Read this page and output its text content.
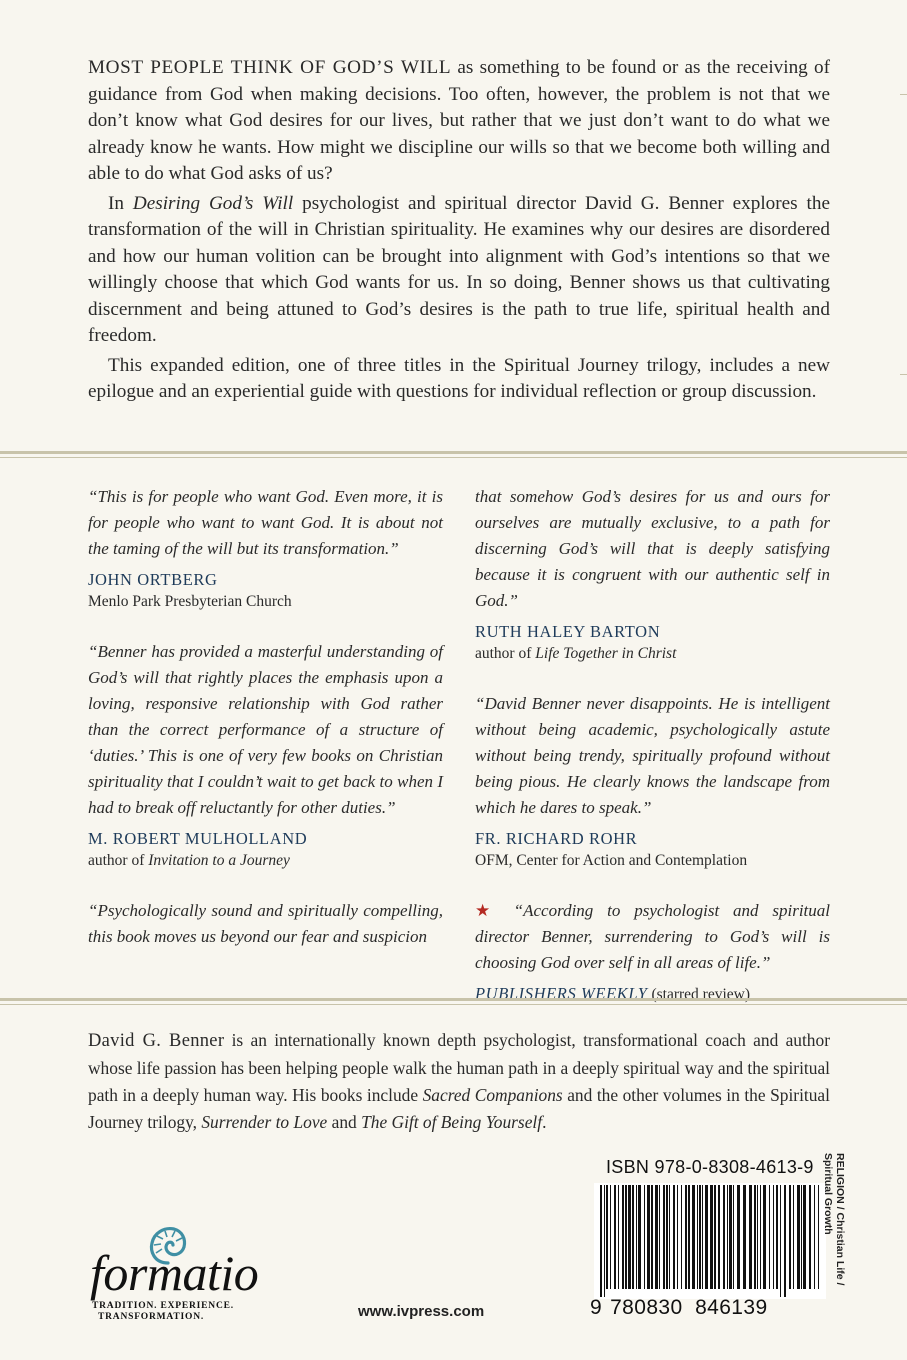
MOST PEOPLE THINK OF GOD’S WILL as something to be found or as the receiving of guidance from God when making decisions. Too often, however, the problem is not that we don’t know what God desires for our lives, but rather that we just don’t want to do what we already know he wants. How might we discipline our wills so that we become both willing and able to do what God asks of us?

In Desiring God’s Will psychologist and spiritual director David G. Benner explores the transformation of the will in Christian spirituality. He examines why our desires are disordered and how our human volition can be brought into alignment with God’s intentions so that we willingly choose that which God wants for us. In so doing, Benner shows us that cultivating discernment and being attuned to God’s desires is the path to true life, spiritual health and freedom.

This expanded edition, one of three titles in the Spiritual Journey trilogy, includes a new epilogue and an experiential guide with questions for individual reflection or group discussion.

“This is for people who want God. Even more, it is for people who want to want God. It is about not the taming of the will but its transformation.”

JOHN ORTBERG
Menlo Park Presbyterian Church

“Benner has provided a masterful understanding of God’s will that rightly places the emphasis upon a loving, responsive relationship with God rather than the correct performance of a structure of ‘duties.’ This is one of very few books on Christian spirituality that I couldn’t wait to get back to when I had to break off reluctantly for other duties.”

M. ROBERT MULHOLLAND
author of Invitation to a Journey

“Psychologically sound and spiritually compelling, this book moves us beyond our fear and suspicion

that somehow God’s desires for us and ours for ourselves are mutually exclusive, to a path for discerning God’s will that is deeply satisfying because it is congruent with our authentic self in God.”

RUTH HALEY BARTON
author of Life Together in Christ

“David Benner never disappoints. He is intelligent without being academic, psychologically astute without being trendy, spiritually profound without being pious. He clearly knows the landscape from which he dares to speak.”

FR. RICHARD ROHR
OFM, Center for Action and Contemplation

★ “According to psychologist and spiritual director Benner, surrendering to God’s will is choosing God over self in all areas of life.”

PUBLISHERS WEEKLY (starred review)

David G. Benner is an internationally known depth psychologist, transformational coach and author whose life passion has been helping people walk the human path in a deeply spiritual way and the spiritual path in a deeply human way. His books include Sacred Companions and the other volumes in the Spiritual Journey trilogy, Surrender to Love and The Gift of Being Yourself.

ISBN 978-0-8308-4613-9
9 780830 846139
RELIGION / Christian Life /
Spiritual Growth
formatio
TRADITION. EXPERIENCE.
TRANSFORMATION.	www.ivpress.com
